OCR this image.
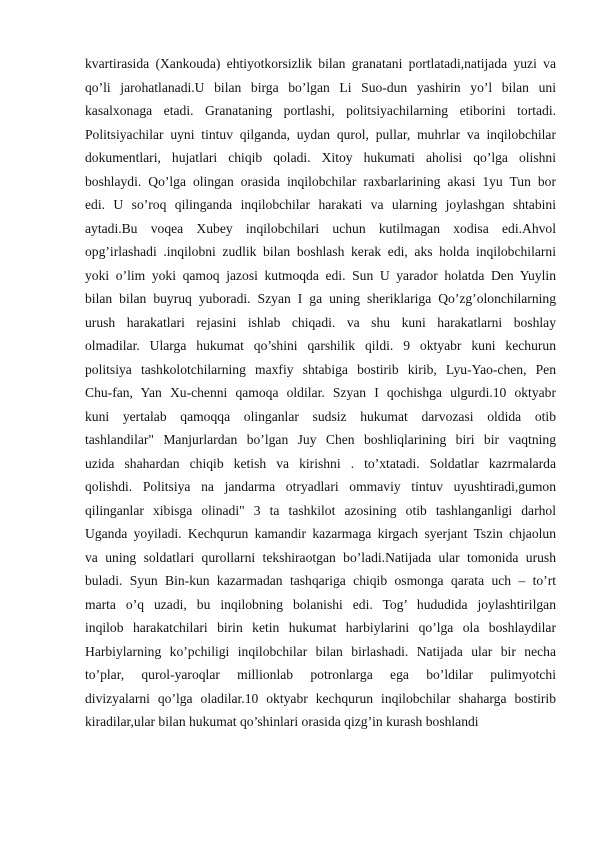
kvartirasida (Xankouda) ehtiyotkorsizlik bilan granatani portlatadi,natijada yuzi va
qo’li jarohatlanadi.U bilan birga bo’lgan Li Suo-dun yashirin yo’l bilan uni
kasalxonaga etadi. Granataning portlashi, politsiyachilarning etiborini tortadi.
Politsiyachilar uyni tintuv qilganda, uydan qurol, pullar, muhrlar va inqilobchilar
dokumentlari, hujatlari chiqib qoladi. Xitoy hukumati aholisi qo’lga olishni
boshlaydi. Qo’lga olingan orasida inqilobchilar raxbarlarining akasi 1yu Tun bor
edi. U so’roq qilinganda inqilobchilar harakati va ularning joylashgan shtabini
aytadi.Bu voqea Xubey inqilobchilari uchun kutilmagan xodisa edi.Ahvol
opg’irlashadi .inqilobni zudlik bilan boshlash kerak edi, aks holda inqilobchilarni
yoki o’lim yoki qamoq jazosi kutmoqda edi. Sun U yarador holatda Den Yuylin
bilan bilan buyruq yuboradi. Szyan I ga uning sheriklariga Qo’zg’olonchilarning
urush harakatlari rejasini ishlab chiqadi. va shu kuni harakatlarni boshlay
olmadilar. Ularga hukumat qo’shini qarshilik qildi. 9 oktyabr kuni kechurun
politsiya tashkolotchilarning maxfiy shtabiga bostirib kirib, Lyu-Yao-chen, Pen
Chu-fan, Yan Xu-chenni qamoqa oldilar. Szyan I qochishga ulgurdi.10 oktyabr
kuni yertalab qamoqqa olinganlar sudsiz hukumat darvozasi oldida otib
tashlandilar" Manjurlardan bo’lgan Juy Chen boshliqlarining biri bir vaqtning
uzida shahardan chiqib ketish va kirishni . to’xtatadi. Soldatlar kazrmalarda
qolishdi. Politsiya na jandarma otryadlari ommaviy tintuv uyushtiradi,gumon
qilinganlar xibisga olinadi" 3 ta tashkilot azosining otib tashlanganligi darhol
Uganda yoyiladi. Kechqurun kamandir kazarmaga kirgach syerjant Tszin chjaolun
va uning soldatlari qurollarni tekshiraotgan bo’ladi.Natijada ular tomonida urush
buladi. Syun Bin-kun kazarmadan tashqariga chiqib osmonga qarata uch – to’rt
marta o’q uzadi, bu inqilobning bolanishi edi. Tog’ hududida joylashtirilgan
inqilob harakatchilari birin ketin hukumat harbiylarini qo’lga ola boshlaydilar
Harbiylarning ko’pchiligi inqilobchilar bilan birlashadi. Natijada ular bir necha
to’plar, qurol-yaroqlar millionlab potronlarga ega bo’ldilar pulimyotchi
divizyalarni qo’lga oladilar.10 oktyabr kechqurun inqilobchilar shaharga bostirib
kiradilar,ular bilan hukumat qo’shinlari orasida qizg’in kurash boshlandi
